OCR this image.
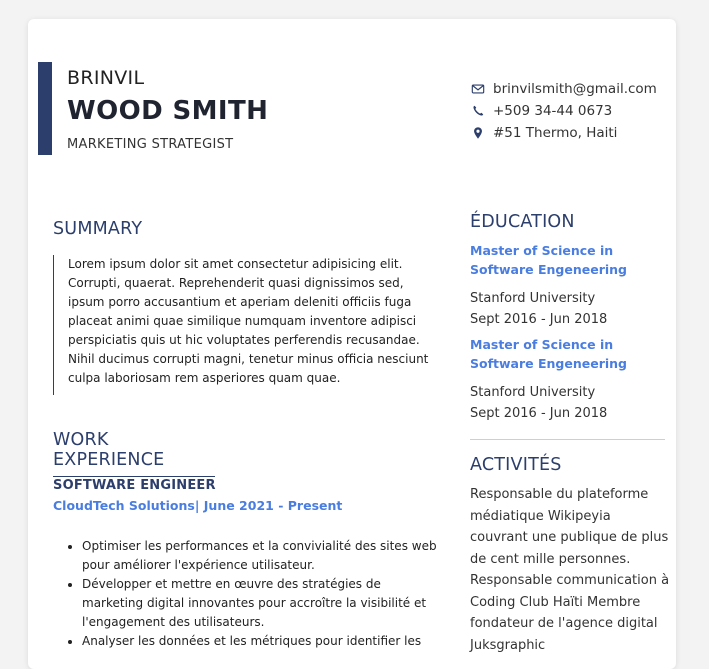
BRINVIL
WOOD SMITH
MARKETING STRATEGIST
brinvilsmith@gmail.com
+509 34-44 0673
#51 Thermo, Haiti
SUMMARY
Lorem ipsum dolor sit amet consectetur adipisicing elit. Corrupti, quaerat. Reprehenderit quasi dignissimos sed, ipsum porro accusantium et aperiam deleniti officiis fuga placeat animi quae similique numquam inventore adipisci perspiciatis quis ut hic voluptates perferendis recusandae. Nihil ducimus corrupti magni, tenetur minus officia nesciunt culpa laboriosam rem asperiores quam quae.
WORK EXPERIENCE
SOFTWARE ENGINEER
CloudTech Solutions| June 2021 - Present
• Optimiser les performances et la convivialité des sites web pour améliorer l'expérience utilisateur.
• Développer et mettre en œuvre des stratégies de marketing digital innovantes pour accroître la visibilité et l'engagement des utilisateurs.
• Analyser les données et les métriques pour identifier les
ÉDUCATION
Master of Science in Software Engeneering
Stanford University
Sept 2016 - Jun 2018
Master of Science in Software Engeneering
Stanford University
Sept 2016 - Jun 2018
ACTIVITÉS
Responsable du plateforme médiatique Wikipeyia couvrant une publique de plus de cent mille personnes. Responsable communication à Coding Club Haïti Membre fondateur de l'agence digital Juksgraphic
